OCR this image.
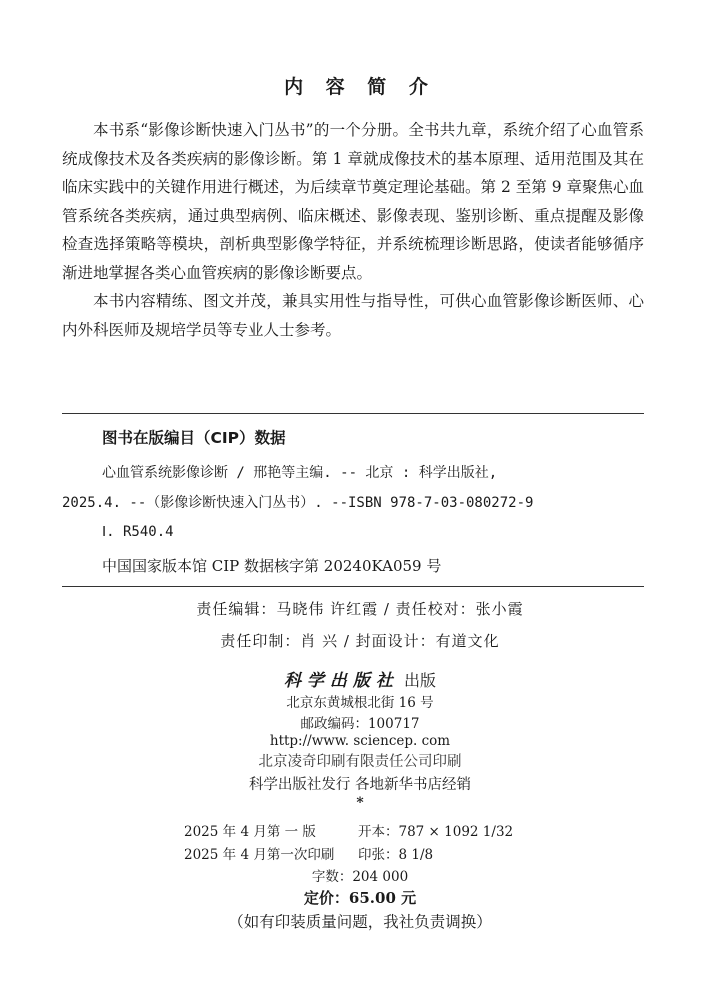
内 容 简 介

本书系“影像诊断快速入门丛书”的一个分册。全书共九章，系统介绍了心血管系统成像技术及各类疾病的影像诊断。第 1 章就成像技术的基本原理、适用范围及其在临床实践中的关键作用进行概述，为后续章节奠定理论基础。第 2 至第 9 章聚焦心血管系统各类疾病，通过典型病例、临床概述、影像表现、鉴别诊断、重点提醒及影像检查选择策略等模块，剖析典型影像学特征，并系统梳理诊断思路，使读者能够循序渐进地掌握各类心血管疾病的影像诊断要点。

本书内容精练、图文并茂，兼具实用性与指导性，可供心血管影像诊断医师、心内外科医师及规培学员等专业人士参考。

图书在版编目（CIP）数据
心血管系统影像诊断 / 邢艳等主编. -- 北京 : 科学出版社,
2025.4. --（影像诊断快速入门丛书）. --ISBN 978-7-03-080272-9
Ⅰ. R540.4
中国国家版本馆 CIP 数据核字第 20240KA059 号
责任编辑：马晓伟 许红霞 / 责任校对：张小霞
责任印制：肖 兴 / 封面设计：有道文化
科学出版社 出版
北京东黄城根北街 16 号
邮政编码：100717
http://www. sciencep. com
北京凌奇印刷有限责任公司印刷
科学出版社发行 各地新华书店经销
*
2025 年 4 月第 一 版	开本：787 × 1092 1/32
2025 年 4 月第一次印刷 印张：8 1/8
字数：204 000
定价：65.00 元
（如有印装质量问题，我社负责调换）
